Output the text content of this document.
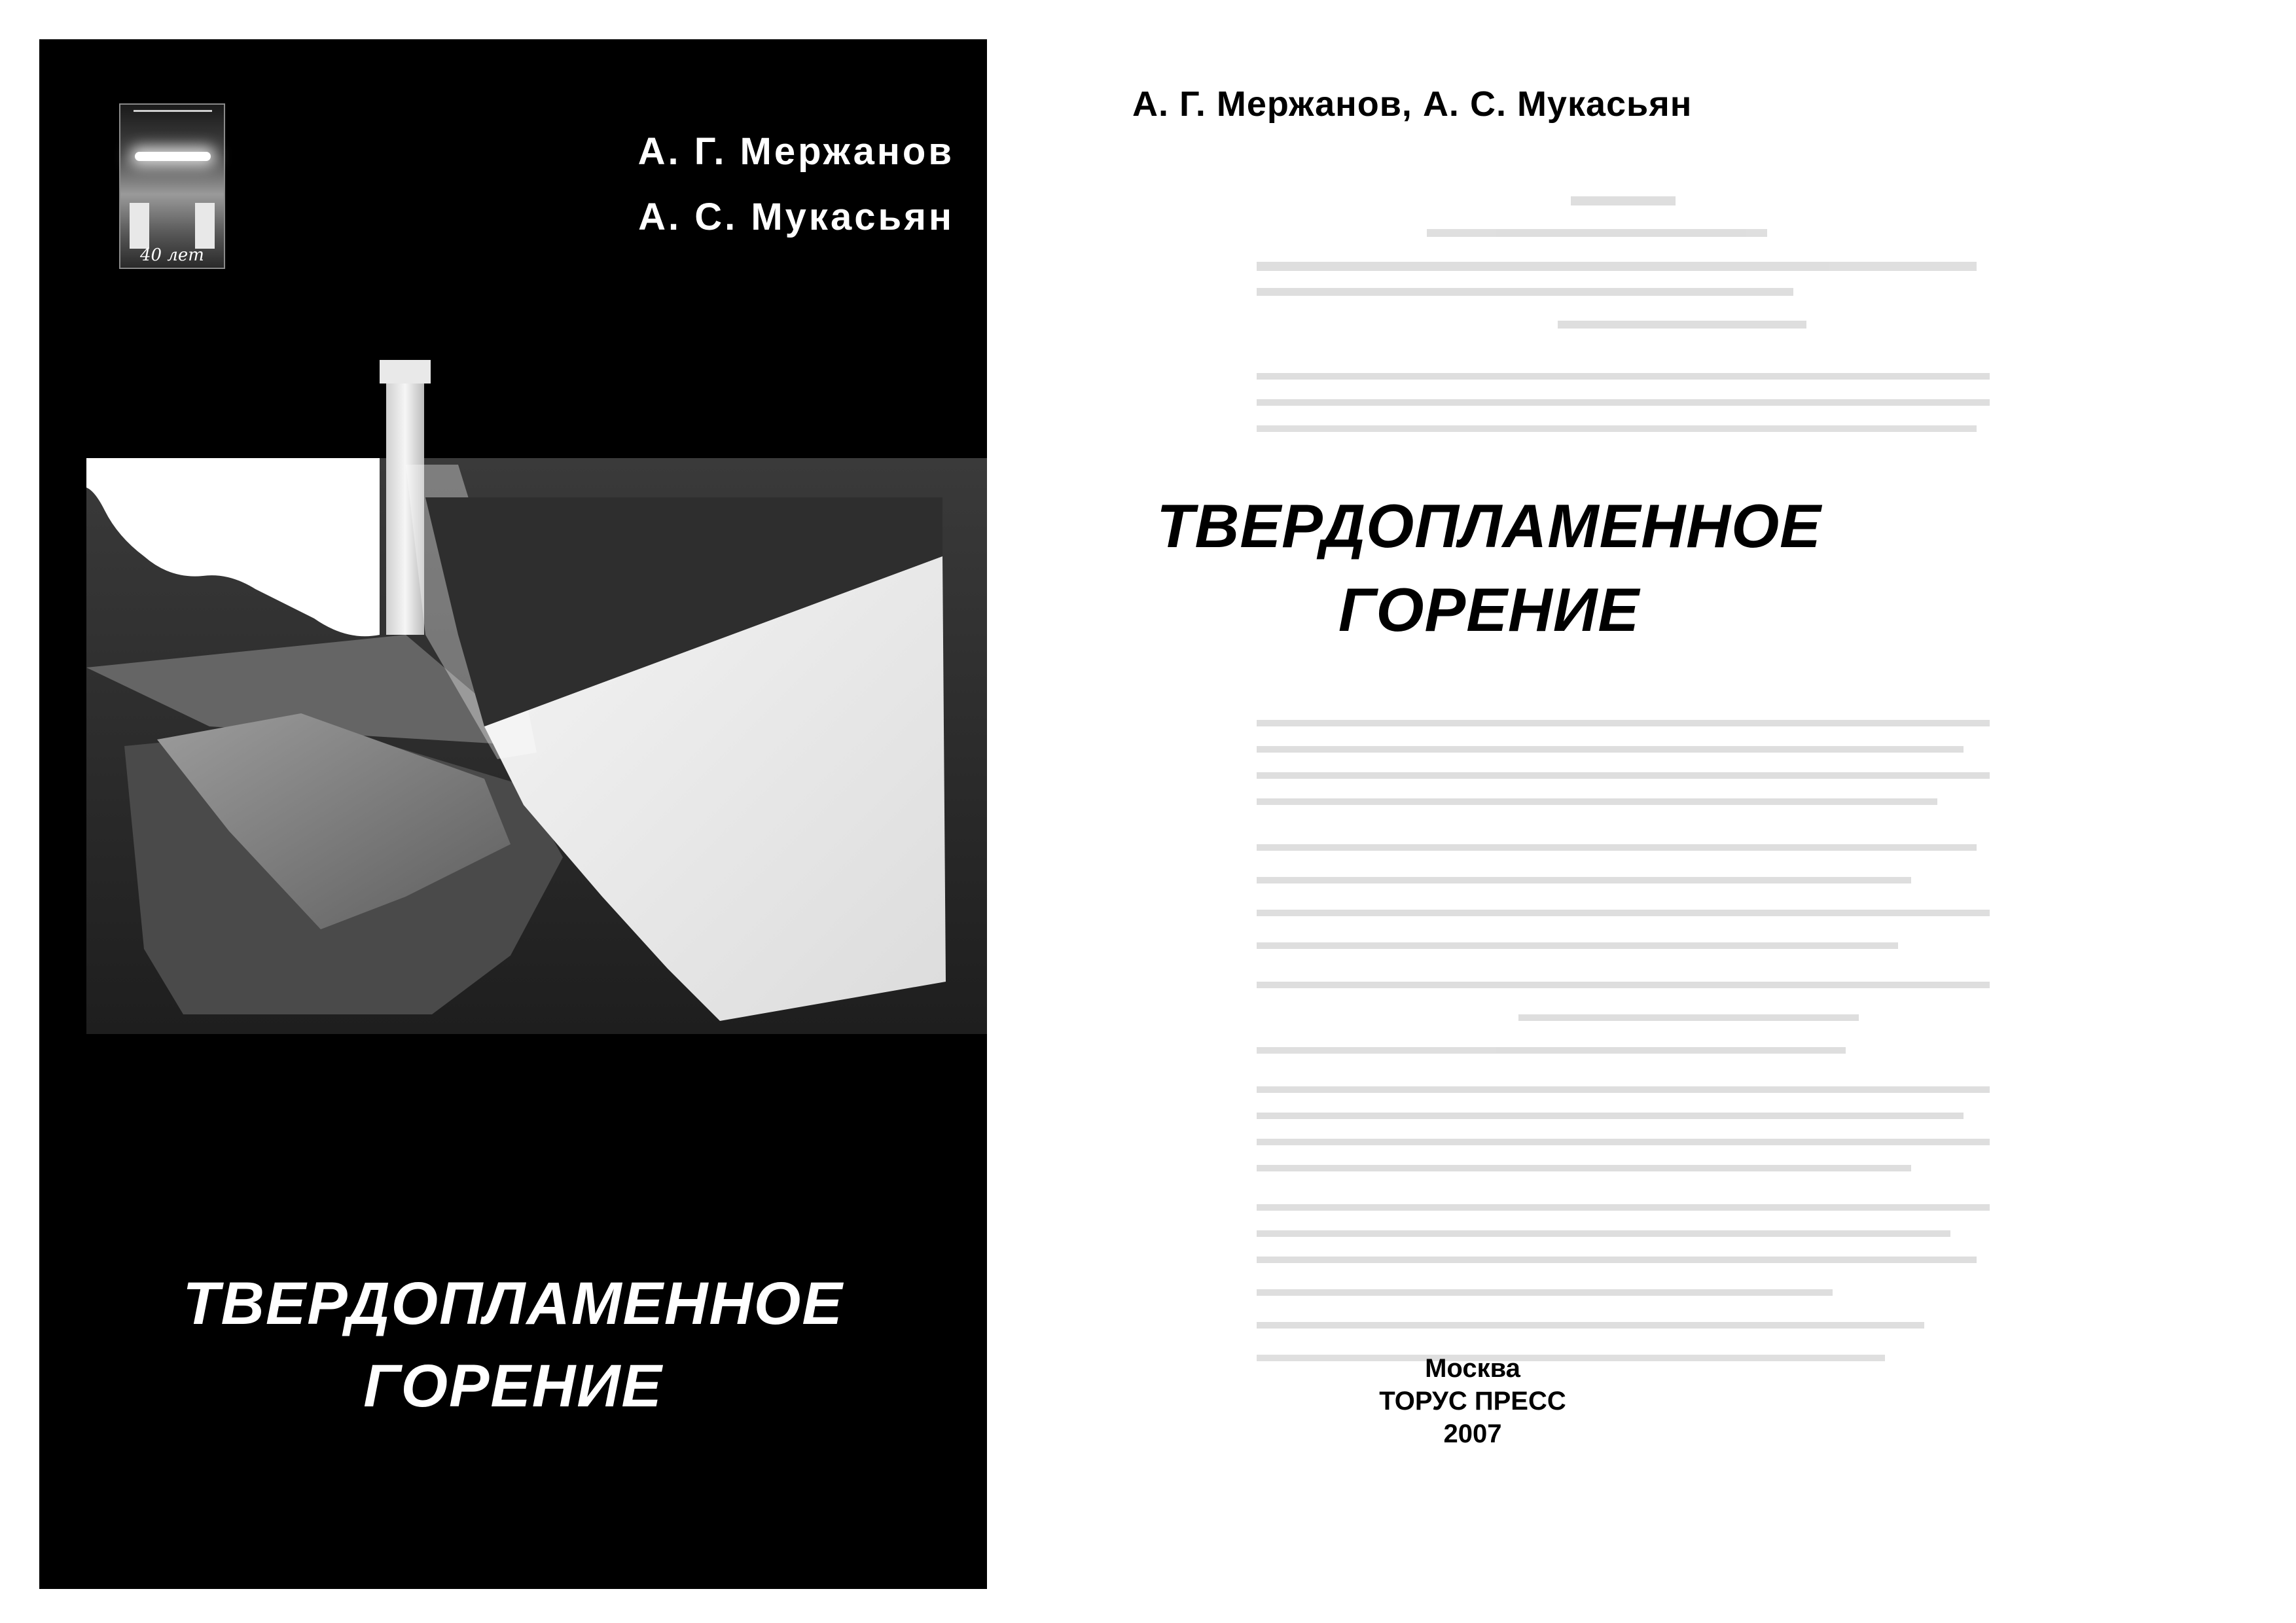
40 лет
А. Г. Мержанов
А. С. Мукасьян
ТВЕРДОПЛАМЕННОЕ
ГОРЕНИЕ
А. Г. Мержанов, А. С. Мукасьян
ТВЕРДОПЛАМЕННОЕ
ГОРЕНИЕ
Москва
ТОРУС ПРЕСС
2007
